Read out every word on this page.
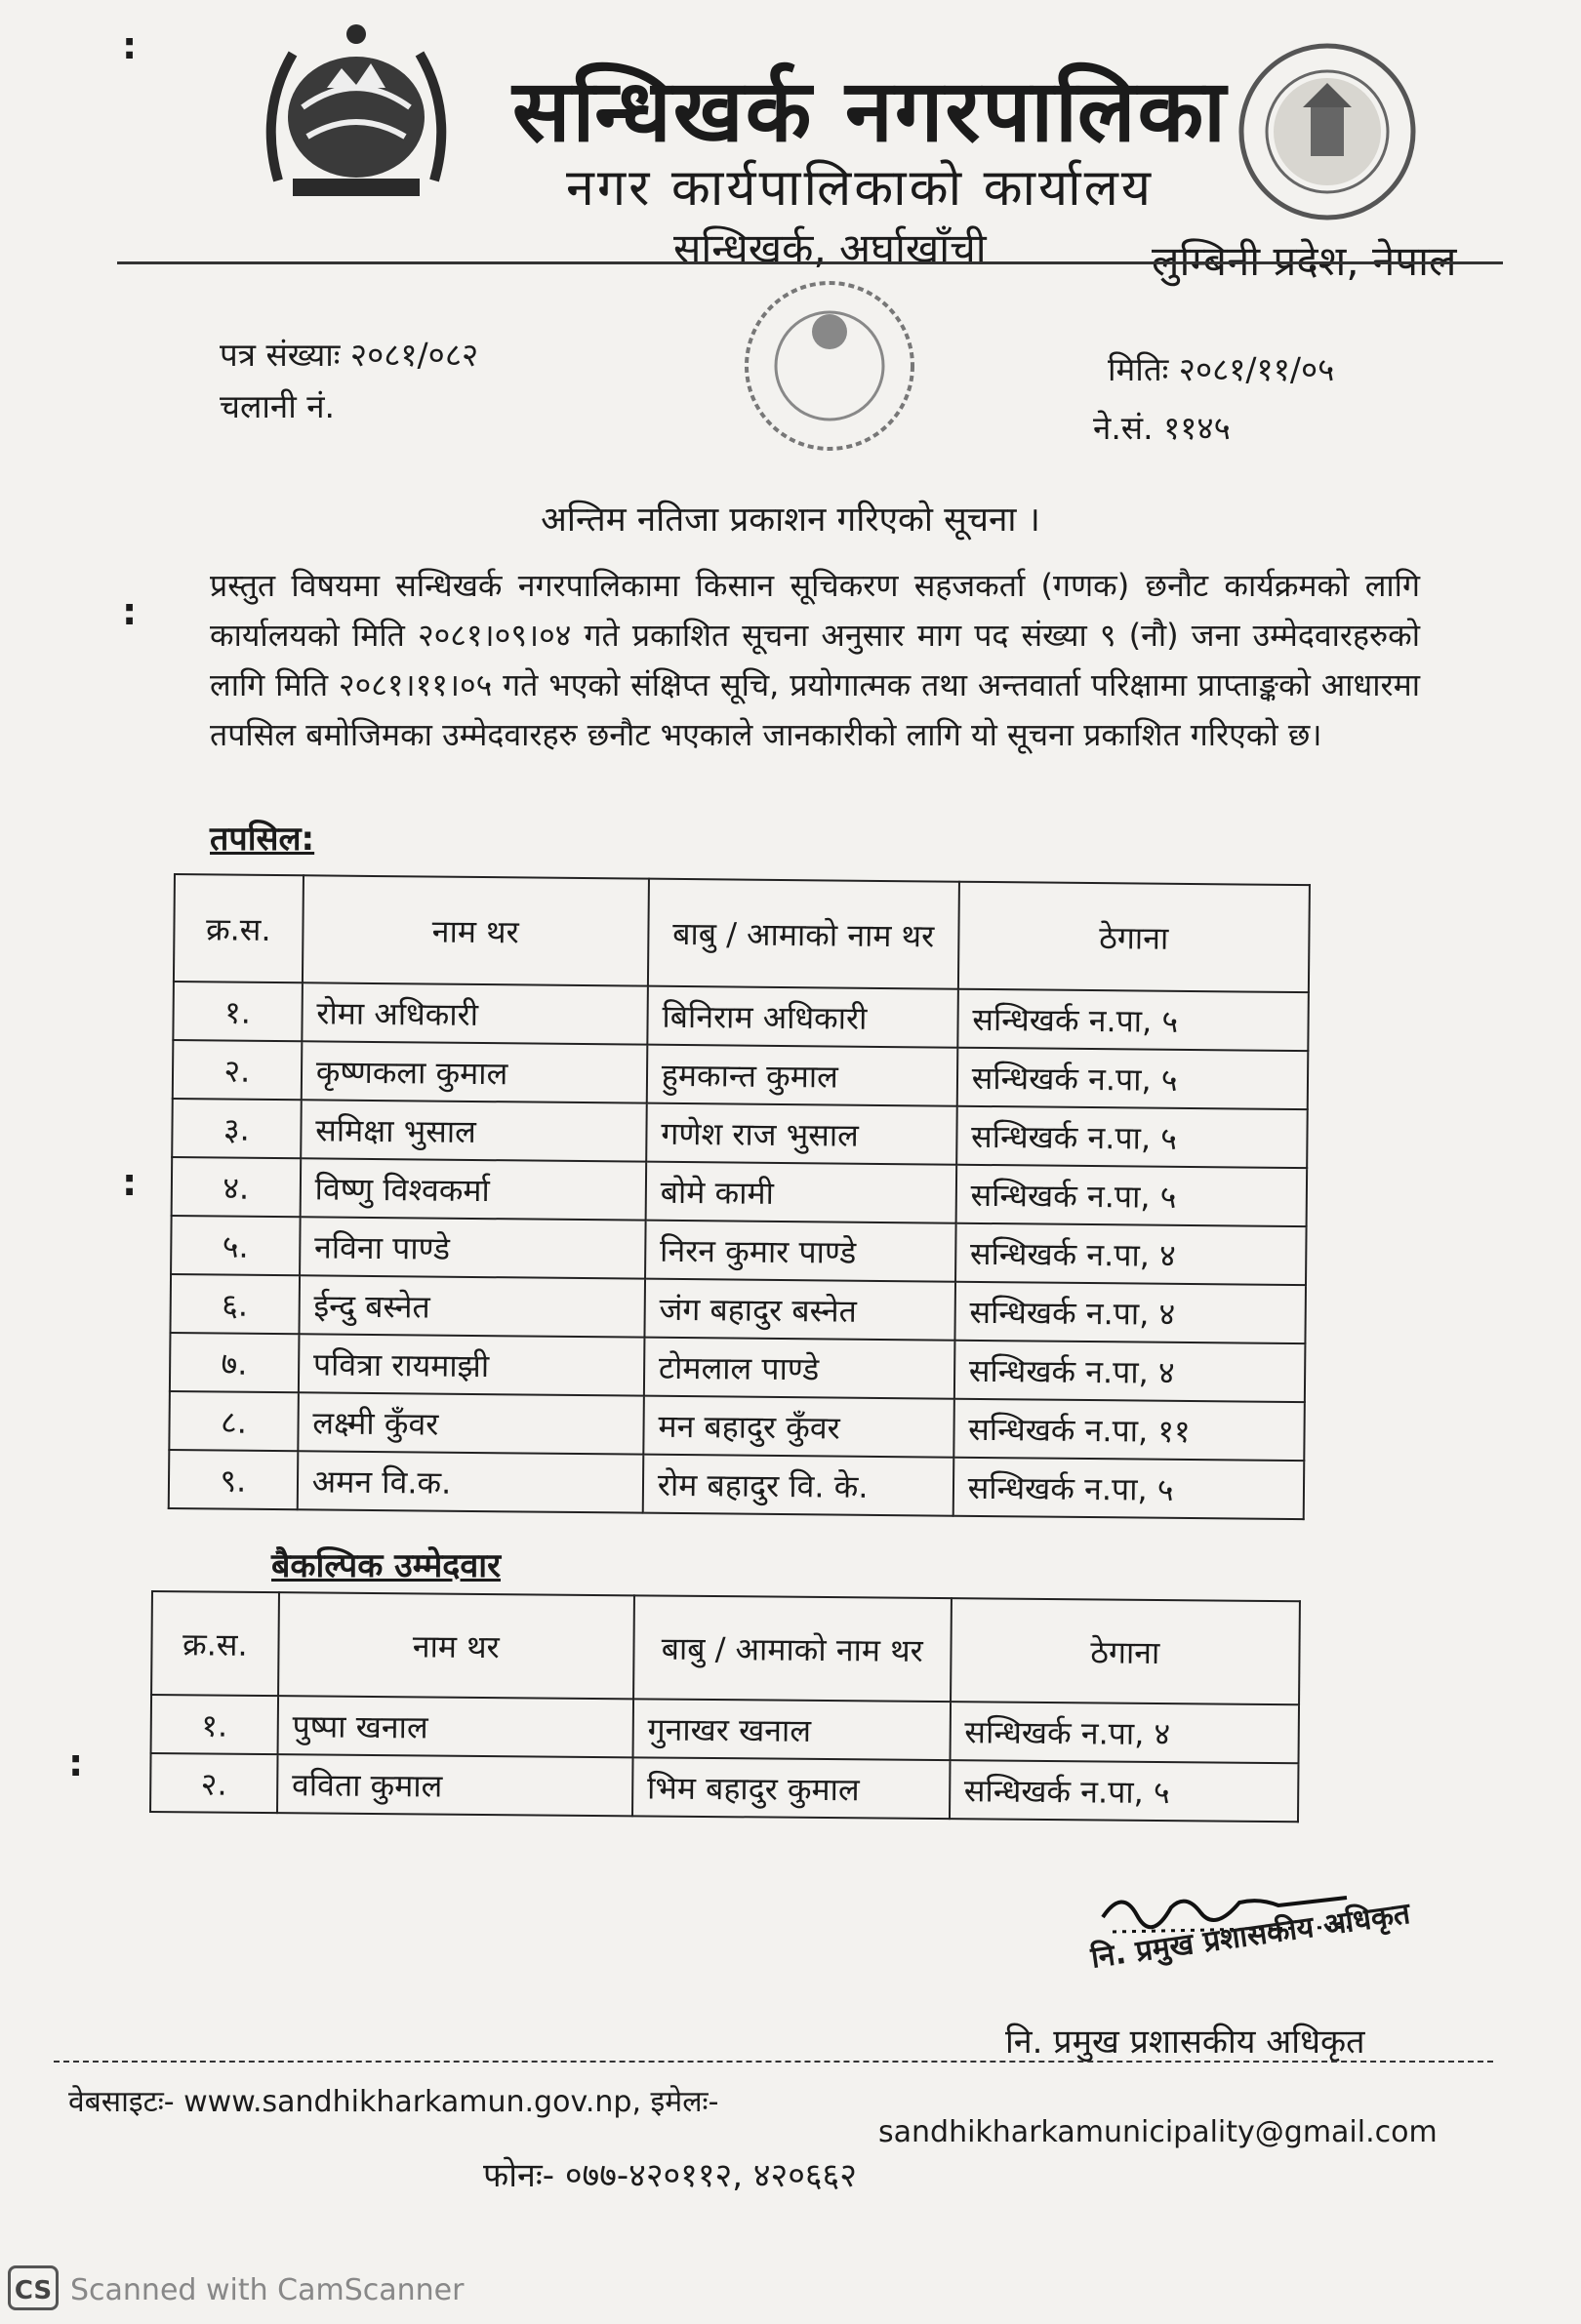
सन्धिखर्क नगरपालिका
नगर कार्यपालिकाको कार्यालय
सन्धिखर्क, अर्घाखाँची	लुम्बिनी प्रदेश, नेपाल
पत्र संख्याः २०८१/०८२
चलानी नं.
मितिः २०८१/११/०५
ने.सं. ११४५
अन्तिम नतिजा प्रकाशन गरिएको सूचना ।

प्रस्तुत विषयमा सन्धिखर्क नगरपालिकामा किसान सूचिकरण सहजकर्ता (गणक) छनौट कार्यक्रमको लागि कार्यालयको मिति २०८१।०९।०४ गते प्रकाशित सूचना अनुसार माग पद संख्या ९ (नौ) जना उम्मेदवारहरुको लागि मिति २०८१।११।०५ गते भएको संक्षिप्त सूचि, प्रयोगात्मक तथा अन्तवार्ता परिक्षामा प्राप्ताङ्कको आधारमा तपसिल बमोजिमका उम्मेदवारहरु छनौट भएकाले जानकारीको लागि यो सूचना प्रकाशित गरिएको छ।

तपसिल:
क्र.स.	नाम थर	बाबु / आमाको नाम थर	ठेगाना
१.	रोमा अधिकारी	बिनिराम अधिकारी	सन्धिखर्क न.पा, ५
२.	कृष्णकला कुमाल	हुमकान्त कुमाल	सन्धिखर्क न.पा, ५
३.	समिक्षा भुसाल	गणेश राज भुसाल	सन्धिखर्क न.पा, ५
४.	विष्णु विश्वकर्मा	बोमे कामी	सन्धिखर्क न.पा, ५
५.	नविना पाण्डे	निरन कुमार पाण्डे	सन्धिखर्क न.पा, ४
६.	ईन्दु बस्नेत	जंग बहादुर बस्नेत	सन्धिखर्क न.पा, ४
७.	पवित्रा रायमाझी	टोमलाल पाण्डे	सन्धिखर्क न.पा, ४
८.	लक्ष्मी कुँवर	मन बहादुर कुँवर	सन्धिखर्क न.पा, ११
९.	अमन वि.क.	रोम बहादुर वि. के.	सन्धिखर्क न.पा, ५
बैकल्पिक उम्मेदवार
क्र.स.	नाम थर	बाबु / आमाको नाम थर	ठेगाना
१.	पुष्पा खनाल	गुनाखर खनाल	सन्धिखर्क न.पा, ४
२.	वविता कुमाल	भिम बहादुर कुमाल	सन्धिखर्क न.पा, ५
नि. प्रमुख प्रशासकीय अधिकृत
नि. प्रमुख प्रशासकीय अधिकृत
वेबसाइटः- www.sandhikharkamun.gov.np, इमेलः-
sandhikharkamunicipality@gmail.com
फोनः- ०७७-४२०११२, ४२०६६२
:
:
:
:
CS Scanned with CamScanner
